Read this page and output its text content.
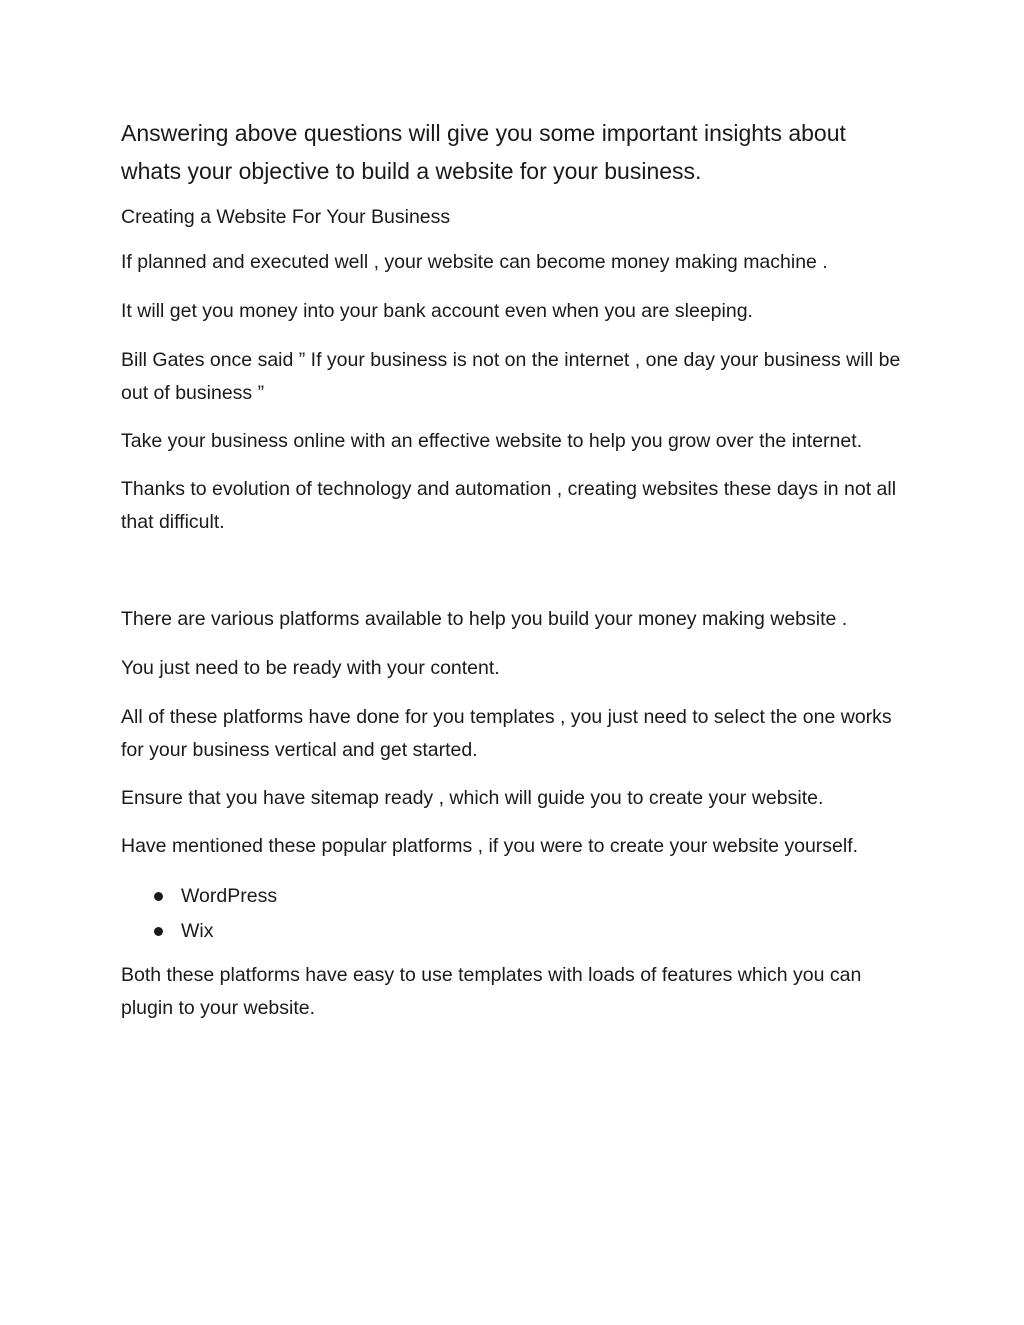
Answering above questions will give you some important insights about whats your objective to build a website for your business.

Creating a Website For Your Business

If planned and executed well , your website can become money making machine .

It will get you money into your bank account even when you are sleeping.

Bill Gates once said ” If your business is not on the internet , one day your business will be out of business ”

Take your business online with an effective website to help you grow over the internet.

Thanks to evolution of technology and automation , creating websites these days in not all that difficult.

There are various platforms available to help you build your money making website .

You just need to be ready with your content.

All of these platforms have done for you templates , you just need to select the one works for your business vertical and get started.

Ensure that you have sitemap ready , which will guide you to create your website.

Have mentioned these popular platforms , if you were to create your website yourself.

WordPress
Wix

Both these platforms have easy to use templates with loads of features which you can plugin to your website.
